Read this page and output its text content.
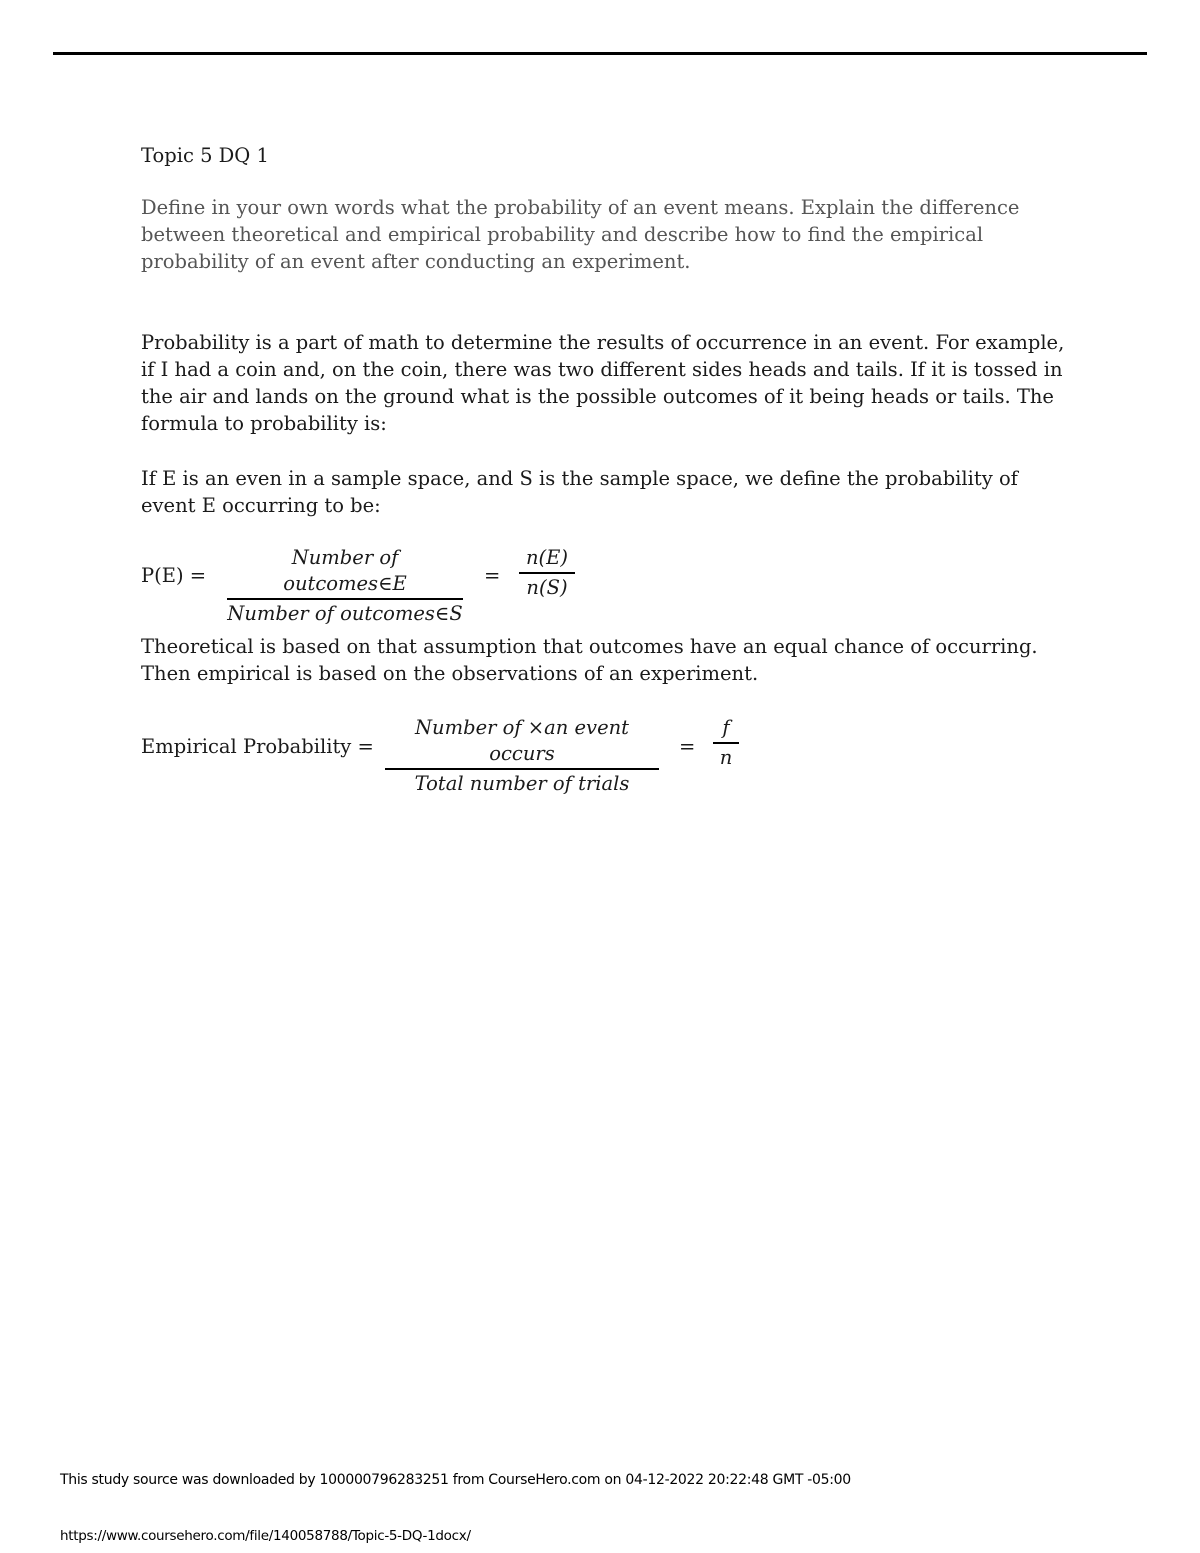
Topic 5 DQ 1

Define in your own words what the probability of an event means. Explain the difference between theoretical and empirical probability and describe how to find the empirical probability of an event after conducting an experiment.

Probability is a part of math to determine the results of occurrence in an event. For example, if I had a coin and, on the coin, there was two different sides heads and tails. If it is tossed in the air and lands on the ground what is the possible outcomes of it being heads or tails. The formula to probability is:

If E is an even in a sample space, and S is the sample space, we define the probability of event E occurring to be:

P(E) =
Number of outcomes∈E
Number of outcomes∈S
= $\frac{n(E)}{n(S)}$

Theoretical is based on that assumption that outcomes have an equal chance of occurring. Then empirical is based on the observations of an experiment.

Empirical Probability =
Number of ×an event occurs
Total number of trials
= $\frac{f}{n}$
This study source was downloaded by 100000796283251 from CourseHero.com on 04-12-2022 20:22:48 GMT -05:00
https://www.coursehero.com/file/140058788/Topic-5-DQ-1docx/
